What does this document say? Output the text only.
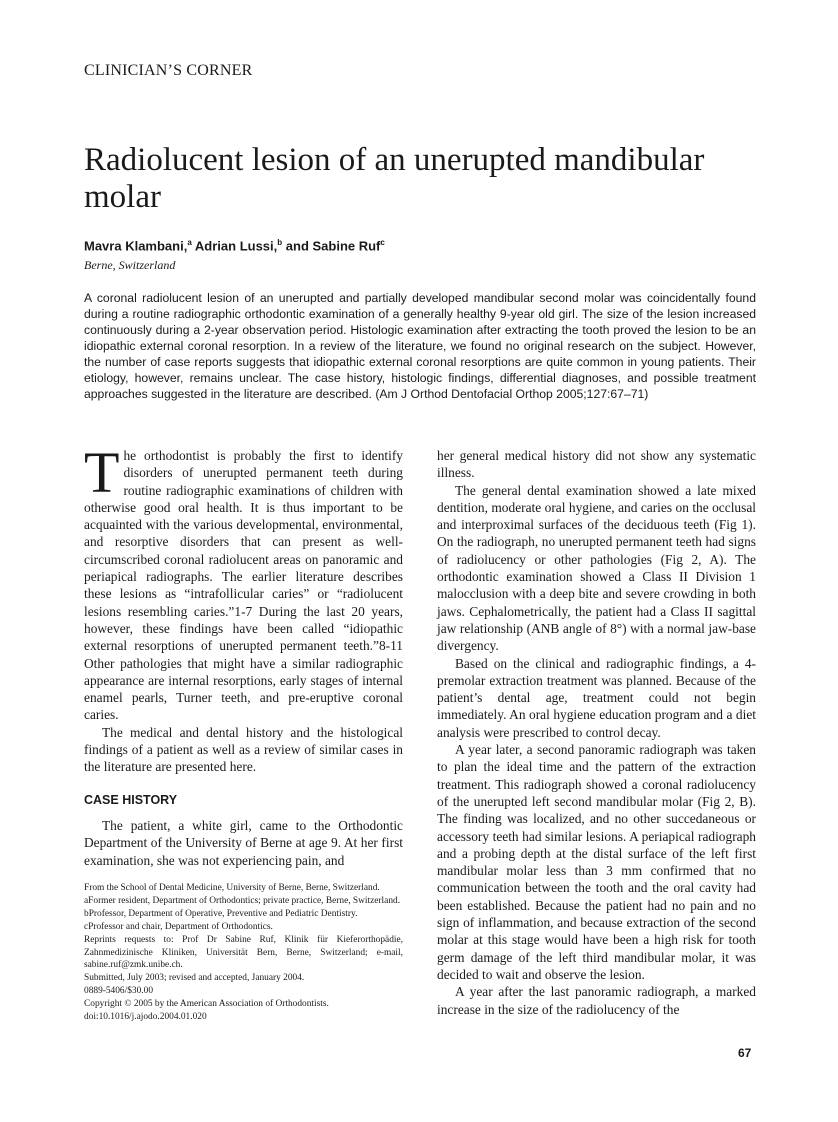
CLINICIAN’S CORNER
Radiolucent lesion of an unerupted mandibular molar
Mavra Klambani,$^a$ Adrian Lussi,$^b$ and Sabine Ruf$^c$
Berne, Switzerland
A coronal radiolucent lesion of an unerupted and partially developed mandibular second molar was coincidentally found during a routine radiographic orthodontic examination of a generally healthy 9-year old girl. The size of the lesion increased continuously during a 2-year observation period. Histologic examination after extracting the tooth proved the lesion to be an idiopathic external coronal resorption. In a review of the literature, we found no original research on the subject. However, the number of case reports suggests that idiopathic external coronal resorptions are quite common in young patients. Their etiology, however, remains unclear. The case history, histologic findings, differential diagnoses, and possible treatment approaches suggested in the literature are described. (Am J Orthod Dentofacial Orthop 2005;127:67–71)

The orthodontist is probably the first to identify disorders of unerupted permanent teeth during routine radiographic examinations of children with otherwise good oral health. It is thus important to be acquainted with the various developmental, environmental, and resorptive disorders that can present as well-circumscribed coronal radiolucent areas on panoramic and periapical radiographs. The earlier literature describes these lesions as “intrafollicular caries” or “radiolucent lesions resembling caries.”1-7 During the last 20 years, however, these findings have been called “idiopathic external resorptions of unerupted permanent teeth.”8-11 Other pathologies that might have a similar radiographic appearance are internal resorptions, early stages of internal enamel pearls, Turner teeth, and pre-eruptive coronal caries.

The medical and dental history and the histological findings of a patient as well as a review of similar cases in the literature are presented here.

CASE HISTORY

The patient, a white girl, came to the Orthodontic Department of the University of Berne at age 9. At her first examination, she was not experiencing pain, and

her general medical history did not show any systematic illness.

The general dental examination showed a late mixed dentition, moderate oral hygiene, and caries on the occlusal and interproximal surfaces of the deciduous teeth (Fig 1). On the radiograph, no unerupted permanent teeth had signs of radiolucency or other pathologies (Fig 2, A). The orthodontic examination showed a Class II Division 1 malocclusion with a deep bite and severe crowding in both jaws. Cephalometrically, the patient had a Class II sagittal jaw relationship (ANB angle of 8°) with a normal jaw-base divergency.

Based on the clinical and radiographic findings, a 4-premolar extraction treatment was planned. Because of the patient’s dental age, treatment could not begin immediately. An oral hygiene education program and a diet analysis were prescribed to control decay.

A year later, a second panoramic radiograph was taken to plan the ideal time and the pattern of the extraction treatment. This radiograph showed a coronal radiolucency of the unerupted left second mandibular molar (Fig 2, B). The finding was localized, and no other succedaneous or accessory teeth had similar lesions. A periapical radiograph and a probing depth at the distal surface of the left first mandibular molar less than 3 mm confirmed that no communication between the tooth and the oral cavity had been established. Because the patient had no pain and no sign of inflammation, and because extraction of the second molar at this stage would have been a high risk for tooth germ damage of the left third mandibular molar, it was decided to wait and observe the lesion.

A year after the last panoramic radiograph, a marked increase in the size of the radiolucency of the

From the School of Dental Medicine, University of Berne, Berne, Switzerland.
aFormer resident, Department of Orthodontics; private practice, Berne, Switzerland.
bProfessor, Department of Operative, Preventive and Pediatric Dentistry.
cProfessor and chair, Department of Orthodontics.
Reprints requests to: Prof Dr Sabine Ruf, Klinik für Kieferorthopädie, Zahnmedizinische Kliniken, Universität Bern, Berne, Switzerland; e-mail, sabine.ruf@zmk.unibe.ch.
Submitted, July 2003; revised and accepted, January 2004.
0889-5406/$30.00
Copyright © 2005 by the American Association of Orthodontists.
doi:10.1016/j.ajodo.2004.01.020
67
